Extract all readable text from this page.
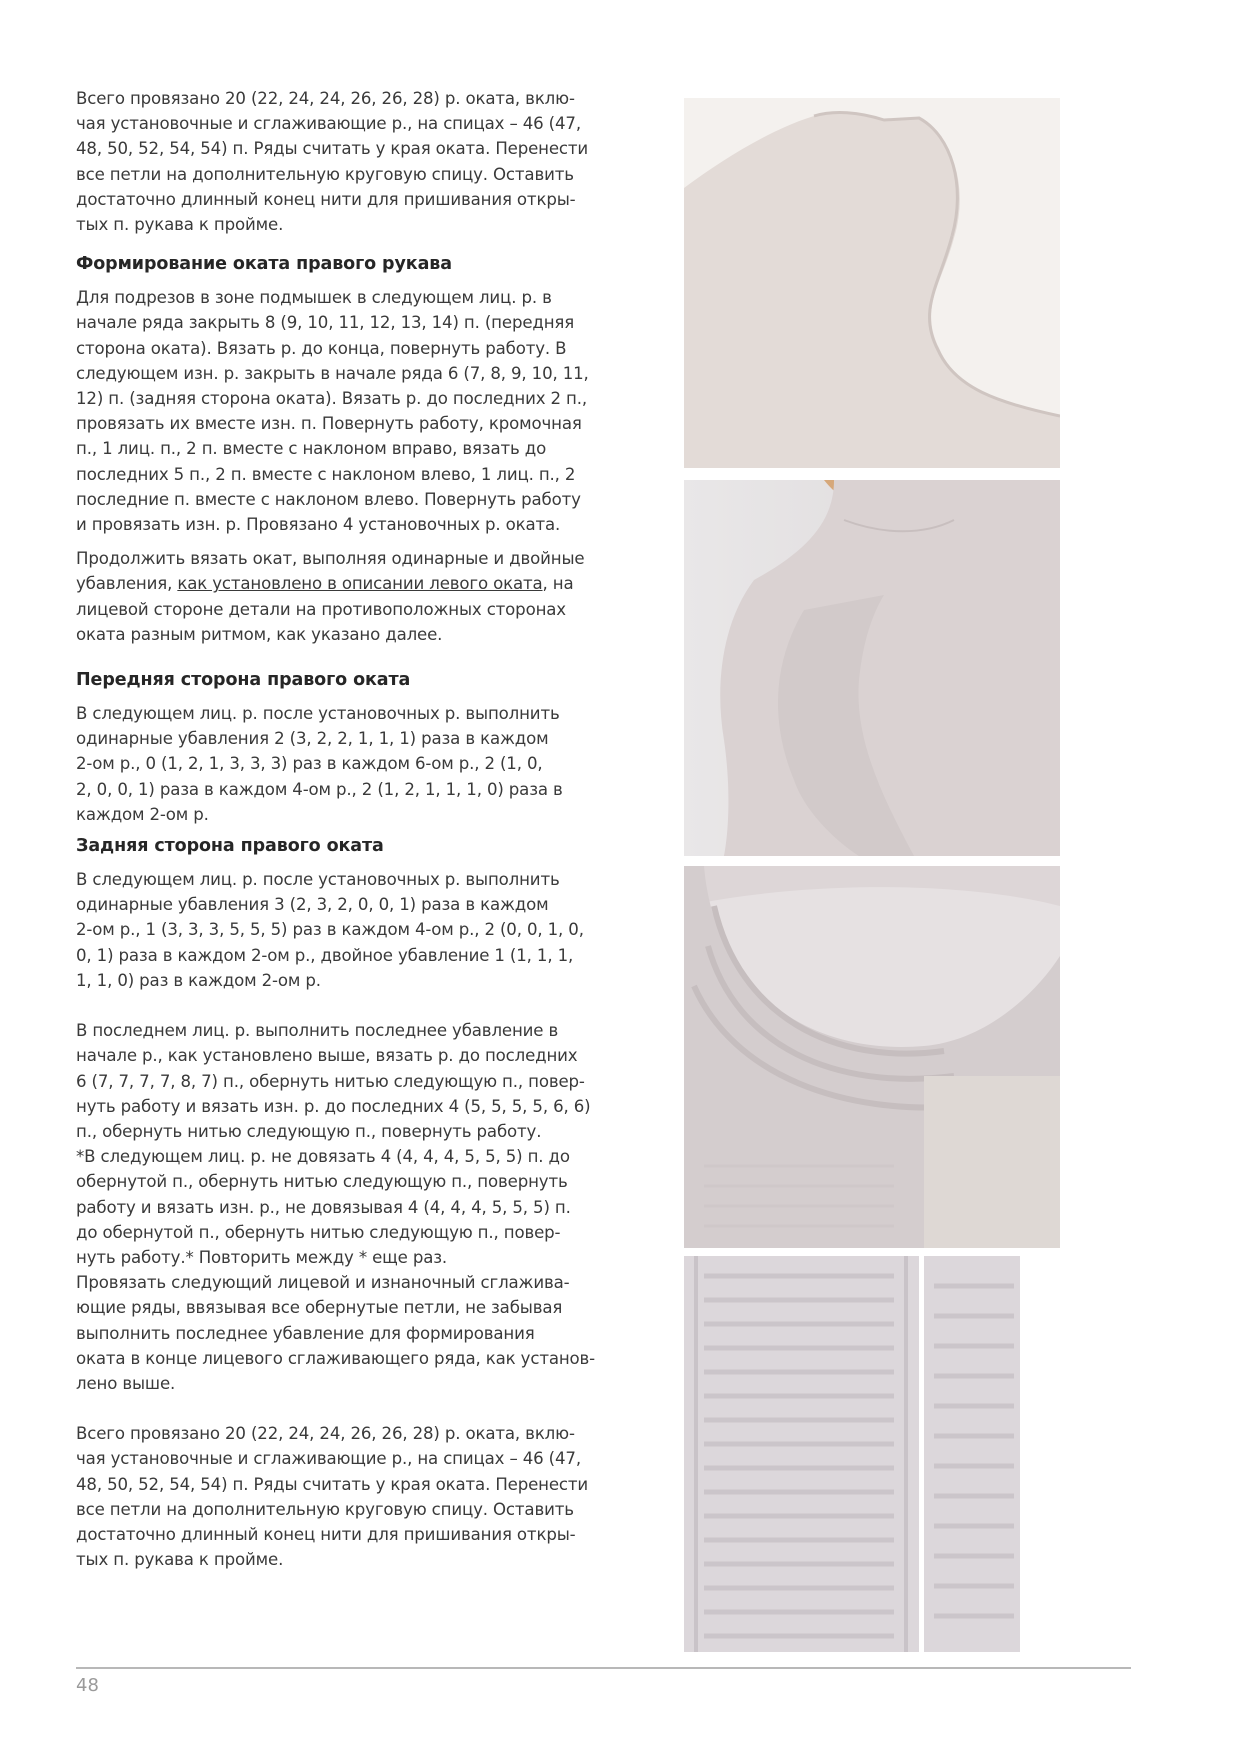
Всего провязано 20 (22, 24, 24, 26, 26, 28) р. оката, вклю-
чая установочные и сглаживающие р., на спицах – 46 (47,
48, 50, 52, 54, 54) п. Ряды считать у края оката. Перенести
все петли на дополнительную круговую спицу. Оставить
достаточно длинный конец нити для пришивания откры-
тых п. рукава к пройме.

Формирование оката правого рукава

Для подрезов в зоне подмышек в следующем лиц. р. в
начале ряда закрыть 8 (9, 10, 11, 12, 13, 14) п. (передняя
сторона оката). Вязать р. до конца, повернуть работу. В
следующем изн. р. закрыть в начале ряда 6 (7, 8, 9, 10, 11,
12) п. (задняя сторона оката). Вязать р. до последних 2 п.,
провязать их вместе изн. п. Повернуть работу, кромочная
п., 1 лиц. п., 2 п. вместе с наклоном вправо, вязать до
последних 5 п., 2 п. вместе с наклоном влево, 1 лиц. п., 2
последние п. вместе с наклоном влево. Повернуть работу
и провязать изн. р. Провязано 4 установочных р. оката.

Продолжить вязать окат, выполняя одинарные и двойные
убавления, как установлено в описании левого оката, на
лицевой стороне детали на противоположных сторонах
оката разным ритмом, как указано далее.

Передняя сторона правого оката

В следующем лиц. р. после установочных р. выполнить
одинарные убавления 2 (3, 2, 2, 1, 1, 1) раза в каждом
2-ом р., 0 (1, 2, 1, 3, 3, 3) раз в каждом 6-ом р., 2 (1, 0,
2, 0, 0, 1) раза в каждом 4-ом р., 2 (1, 2, 1, 1, 1, 0) раза в
каждом 2-ом р.

Задняя сторона правого оката

В следующем лиц. р. после установочных р. выполнить
одинарные убавления 3 (2, 3, 2, 0, 0, 1) раза в каждом
2-ом р., 1 (3, 3, 3, 5, 5, 5) раз в каждом 4-ом р., 2 (0, 0, 1, 0,
0, 1) раза в каждом 2-ом р., двойное убавление 1 (1, 1, 1,
1, 1, 0) раз в каждом 2-ом р.

В последнем лиц. р. выполнить последнее убавление в
начале р., как установлено выше, вязать р. до последних
6 (7, 7, 7, 7, 8, 7) п., обернуть нитью следующую п., повер-
нуть работу и вязать изн. р. до последних 4 (5, 5, 5, 5, 6, 6)
п., обернуть нитью следующую п., повернуть работу.
*В следующем лиц. р. не довязать 4 (4, 4, 4, 5, 5, 5) п. до
обернутой п., обернуть нитью следующую п., повернуть
работу и вязать изн. р., не довязывая 4 (4, 4, 4, 5, 5, 5) п.
до обернутой п., обернуть нитью следующую п., повер-
нуть работу.* Повторить между * еще раз.
Провязать следующий лицевой и изнаночный сглажива-
ющие ряды, ввязывая все обернутые петли, не забывая
выполнить последнее убавление для формирования
оката в конце лицевого сглаживающего ряда, как установ-
лено выше.

Всего провязано 20 (22, 24, 24, 26, 26, 28) р. оката, вклю-
чая установочные и сглаживающие р., на спицах – 46 (47,
48, 50, 52, 54, 54) п. Ряды считать у края оката. Перенести
все петли на дополнительную круговую спицу. Оставить
достаточно длинный конец нити для пришивания откры-
тых п. рукава к пройме.

48
